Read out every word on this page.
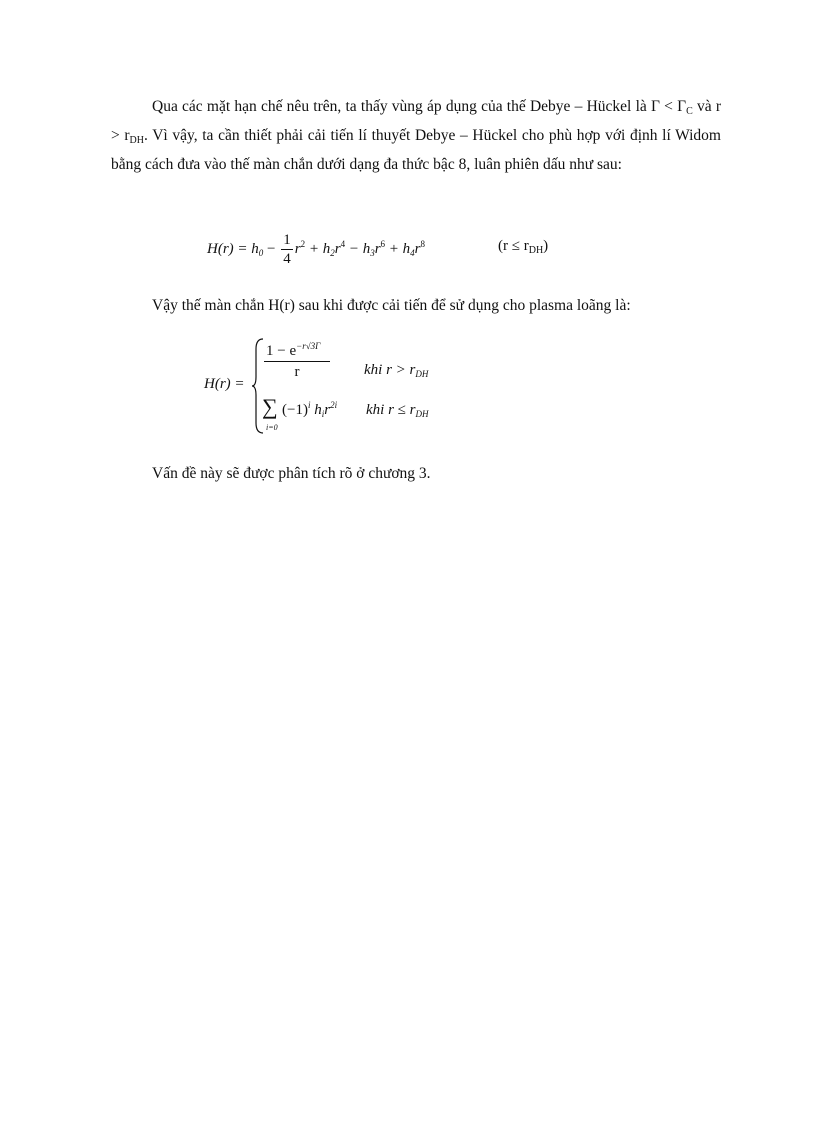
Qua các mặt hạn chế nêu trên, ta thấy vùng áp dụng của thế Debye – Hückel là $\Gamma < \Gamma_C$ và $r > r_{DH}$. Vì vậy, ta cần thiết phải cải tiến lí thuyết Debye – Hückel cho phù hợp với định lí Widom bằng cách đưa vào thế màn chắn dưới dạng đa thức bậc 8, luân phiên dấu như sau:
$H(r) = h_0 - \frac{1}{4} r^2 + h_2r^4 - h_3r^6 + h_4r^8$	$(r \le r_{DH})$
Vậy thế màn chắn H(r) sau khi được cải tiến để sử dụng cho plasma loãng là:
H(r) =
$\frac{1 - e^{-r√3\Gamma}}{r}$ khi $r > r_{DH}$
∑
i=0
$(-1)^i$ $h_ir^{2i}$ khi $r \le r_{DH}$
Vấn đề này sẽ được phân tích rõ ở chương 3.
